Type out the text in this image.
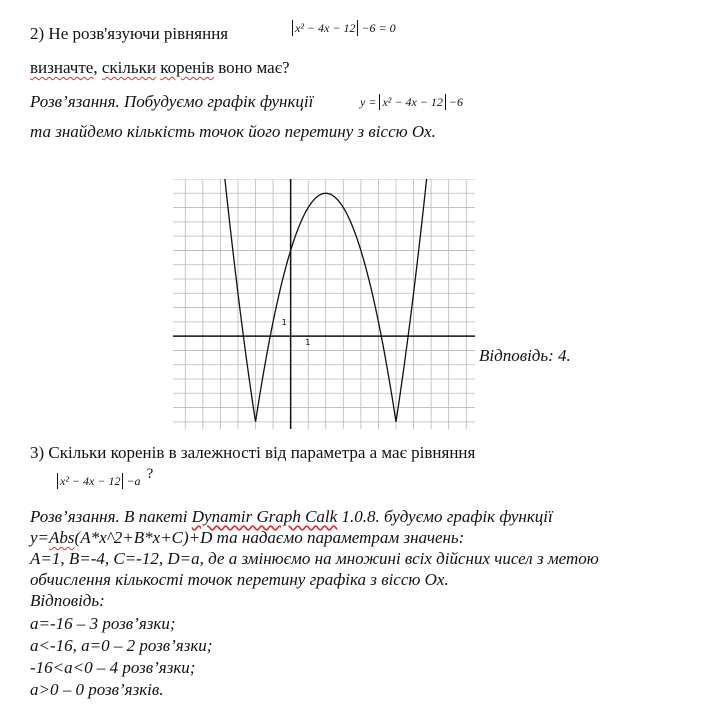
2) Не розв'язуючи рівняння	x² − 4x − 12 −6 = 0
визначте, скільки коренів воно має?
Розв’язання. Побудуємо графік функції	y = x² − 4x − 12 −6
та знайдемо кількість точок його перетину з віссю Ox.
1
1
Відповідь: 4.
3) Скільки коренів в залежності від параметра a має рівняння
x² − 4x − 12 −a ?
Розв’язання. В пакеті Dynamir Graph Calk 1.0.8. будуємо графік функції
y=Abs(A*x^2+B*x+C)+D та надаємо параметрам значень:
A=1, B=-4, C=-12, D=a, де a змінюємо на множині всіх дійсних чисел з метою
обчислення кількості точок перетину графіка з віссю Ox.
Відповідь:
a=-16 – 3 розв’язки;
a<-16, a=0 – 2 розв’язки;
-16<a<0 – 4 розв’язки;
a>0 – 0 розв’язків.
